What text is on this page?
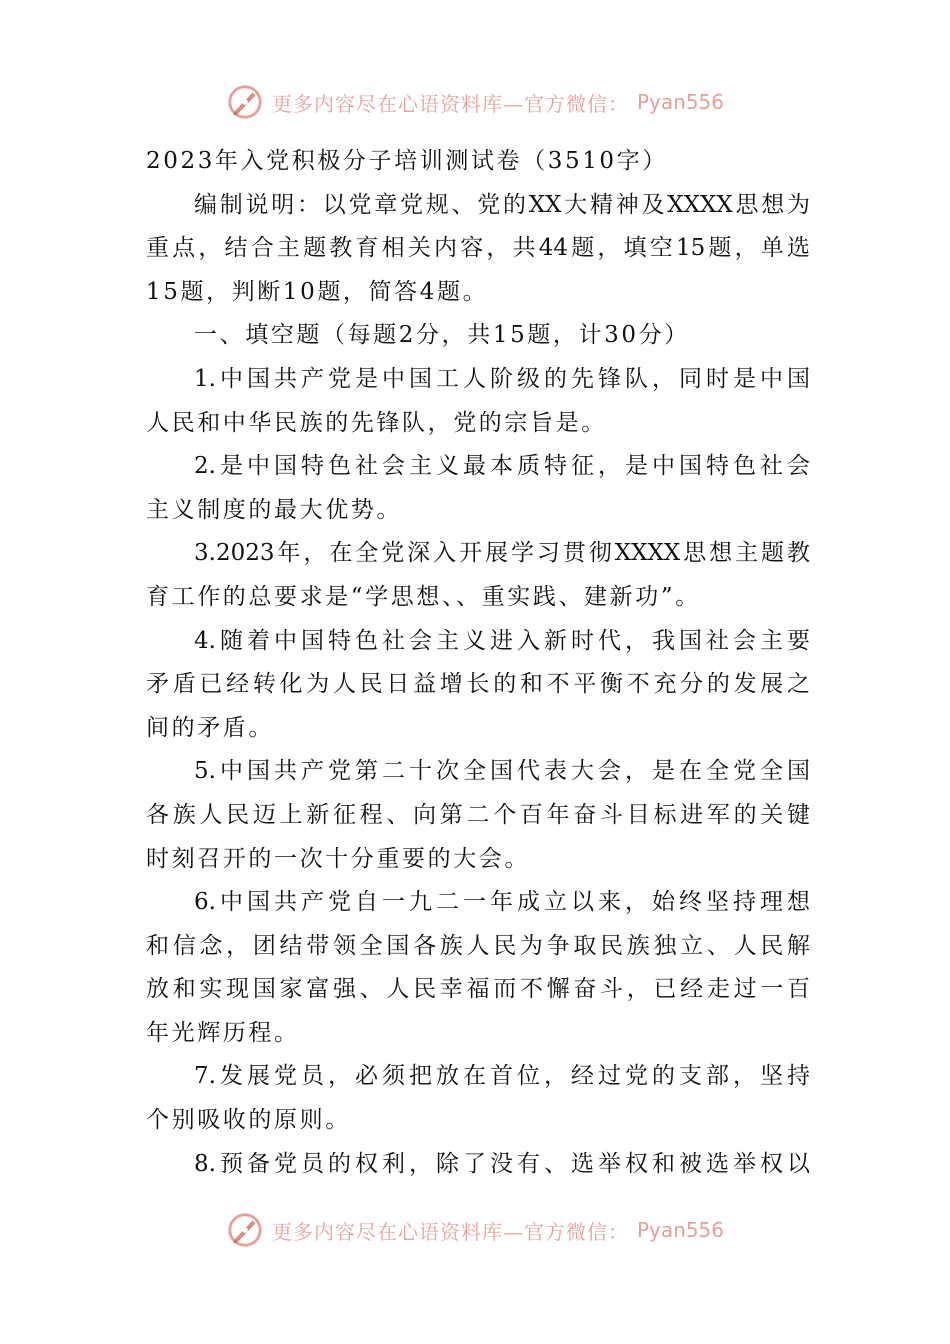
更多内容尽在心语资料库—官方微信： Pyan556
2023年入党积极分子培训测试卷（3510字）
编制说明：以党章党规、党的XX大精神及XXXX思想为
重点，结合主题教育相关内容，共44题，填空15题，单选
15题，判断10题，简答4题。
一、填空题（每题2分，共15题，计30分）
1.中国共产党是中国工人阶级的先锋队，同时是中国
人民和中华民族的先锋队，党的宗旨是。
2.是中国特色社会主义最本质特征，是中国特色社会
主义制度的最大优势。
3.2023年，在全党深入开展学习贯彻XXXX思想主题教
育工作的总要求是“学思想、、重实践、建新功”。
4.随着中国特色社会主义进入新时代，我国社会主要
矛盾已经转化为人民日益增长的和不平衡不充分的发展之
间的矛盾。
5.中国共产党第二十次全国代表大会，是在全党全国
各族人民迈上新征程、向第二个百年奋斗目标进军的关键
时刻召开的一次十分重要的大会。
6.中国共产党自一九二一年成立以来，始终坚持理想
和信念，团结带领全国各族人民为争取民族独立、人民解
放和实现国家富强、人民幸福而不懈奋斗，已经走过一百
年光辉历程。
7.发展党员，必须把放在首位，经过党的支部，坚持
个别吸收的原则。
8.预备党员的权利，除了没有、选举权和被选举权以
更多内容尽在心语资料库—官方微信： Pyan556
